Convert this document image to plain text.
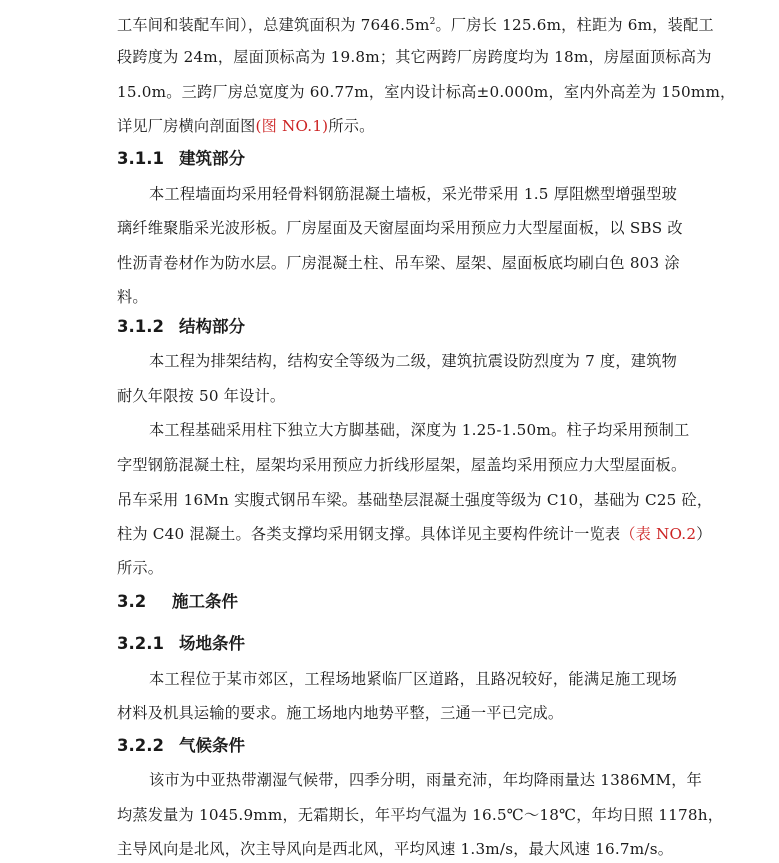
工车间和装配车间），总建筑面积为 $7646.5m^2$。厂房长 125.6m，柱距为 6m，装配工
段跨度为 24m，屋面顶标高为 19.8m；其它两跨厂房跨度均为 18m，房屋面顶标高为
15.0m。三跨厂房总宽度为 60.77m，室内设计标高±0.000m，室内外高差为 150mm，
详见厂房横向剖面图(图 NO.1)所示。
3.1.1 建筑部分
本工程墙面均采用轻骨料钢筋混凝土墙板，采光带采用 1.5 厚阻燃型增强型玻
璃纤维聚脂采光波形板。厂房屋面及天窗屋面均采用预应力大型屋面板，以 SBS 改
性沥青卷材作为防水层。厂房混凝土柱、吊车梁、屋架、屋面板底均刷白色 803 涂
料。
3.1.2 结构部分
本工程为排架结构，结构安全等级为二级，建筑抗震设防烈度为 7 度，建筑物
耐久年限按 50 年设计。
本工程基础采用柱下独立大方脚基础，深度为 1.25-1.50m。柱子均采用预制工
字型钢筋混凝土柱，屋架均采用预应力折线形屋架，屋盖均采用预应力大型屋面板。
吊车采用 16Mn 实腹式钢吊车梁。基础垫层混凝土强度等级为 C10，基础为 C25 砼，
柱为 C40 混凝土。各类支撑均采用钢支撑。具体详见主要构件统计一览表（表 NO.2）
所示。
3.2 施工条件
3.2.1 场地条件
本工程位于某市郊区，工程场地紧临厂区道路，且路况较好，能满足施工现场
材料及机具运输的要求。施工场地内地势平整，三通一平已完成。
3.2.2 气候条件
该市为中亚热带潮湿气候带，四季分明，雨量充沛，年均降雨量达 1386MM，年
均蒸发量为 1045.9mm，无霜期长，年平均气温为 16.5℃～18℃，年均日照 1178h，
主导风向是北风，次主导风向是西北风，平均风速 1.3m/s，最大风速 16.7m/s。
